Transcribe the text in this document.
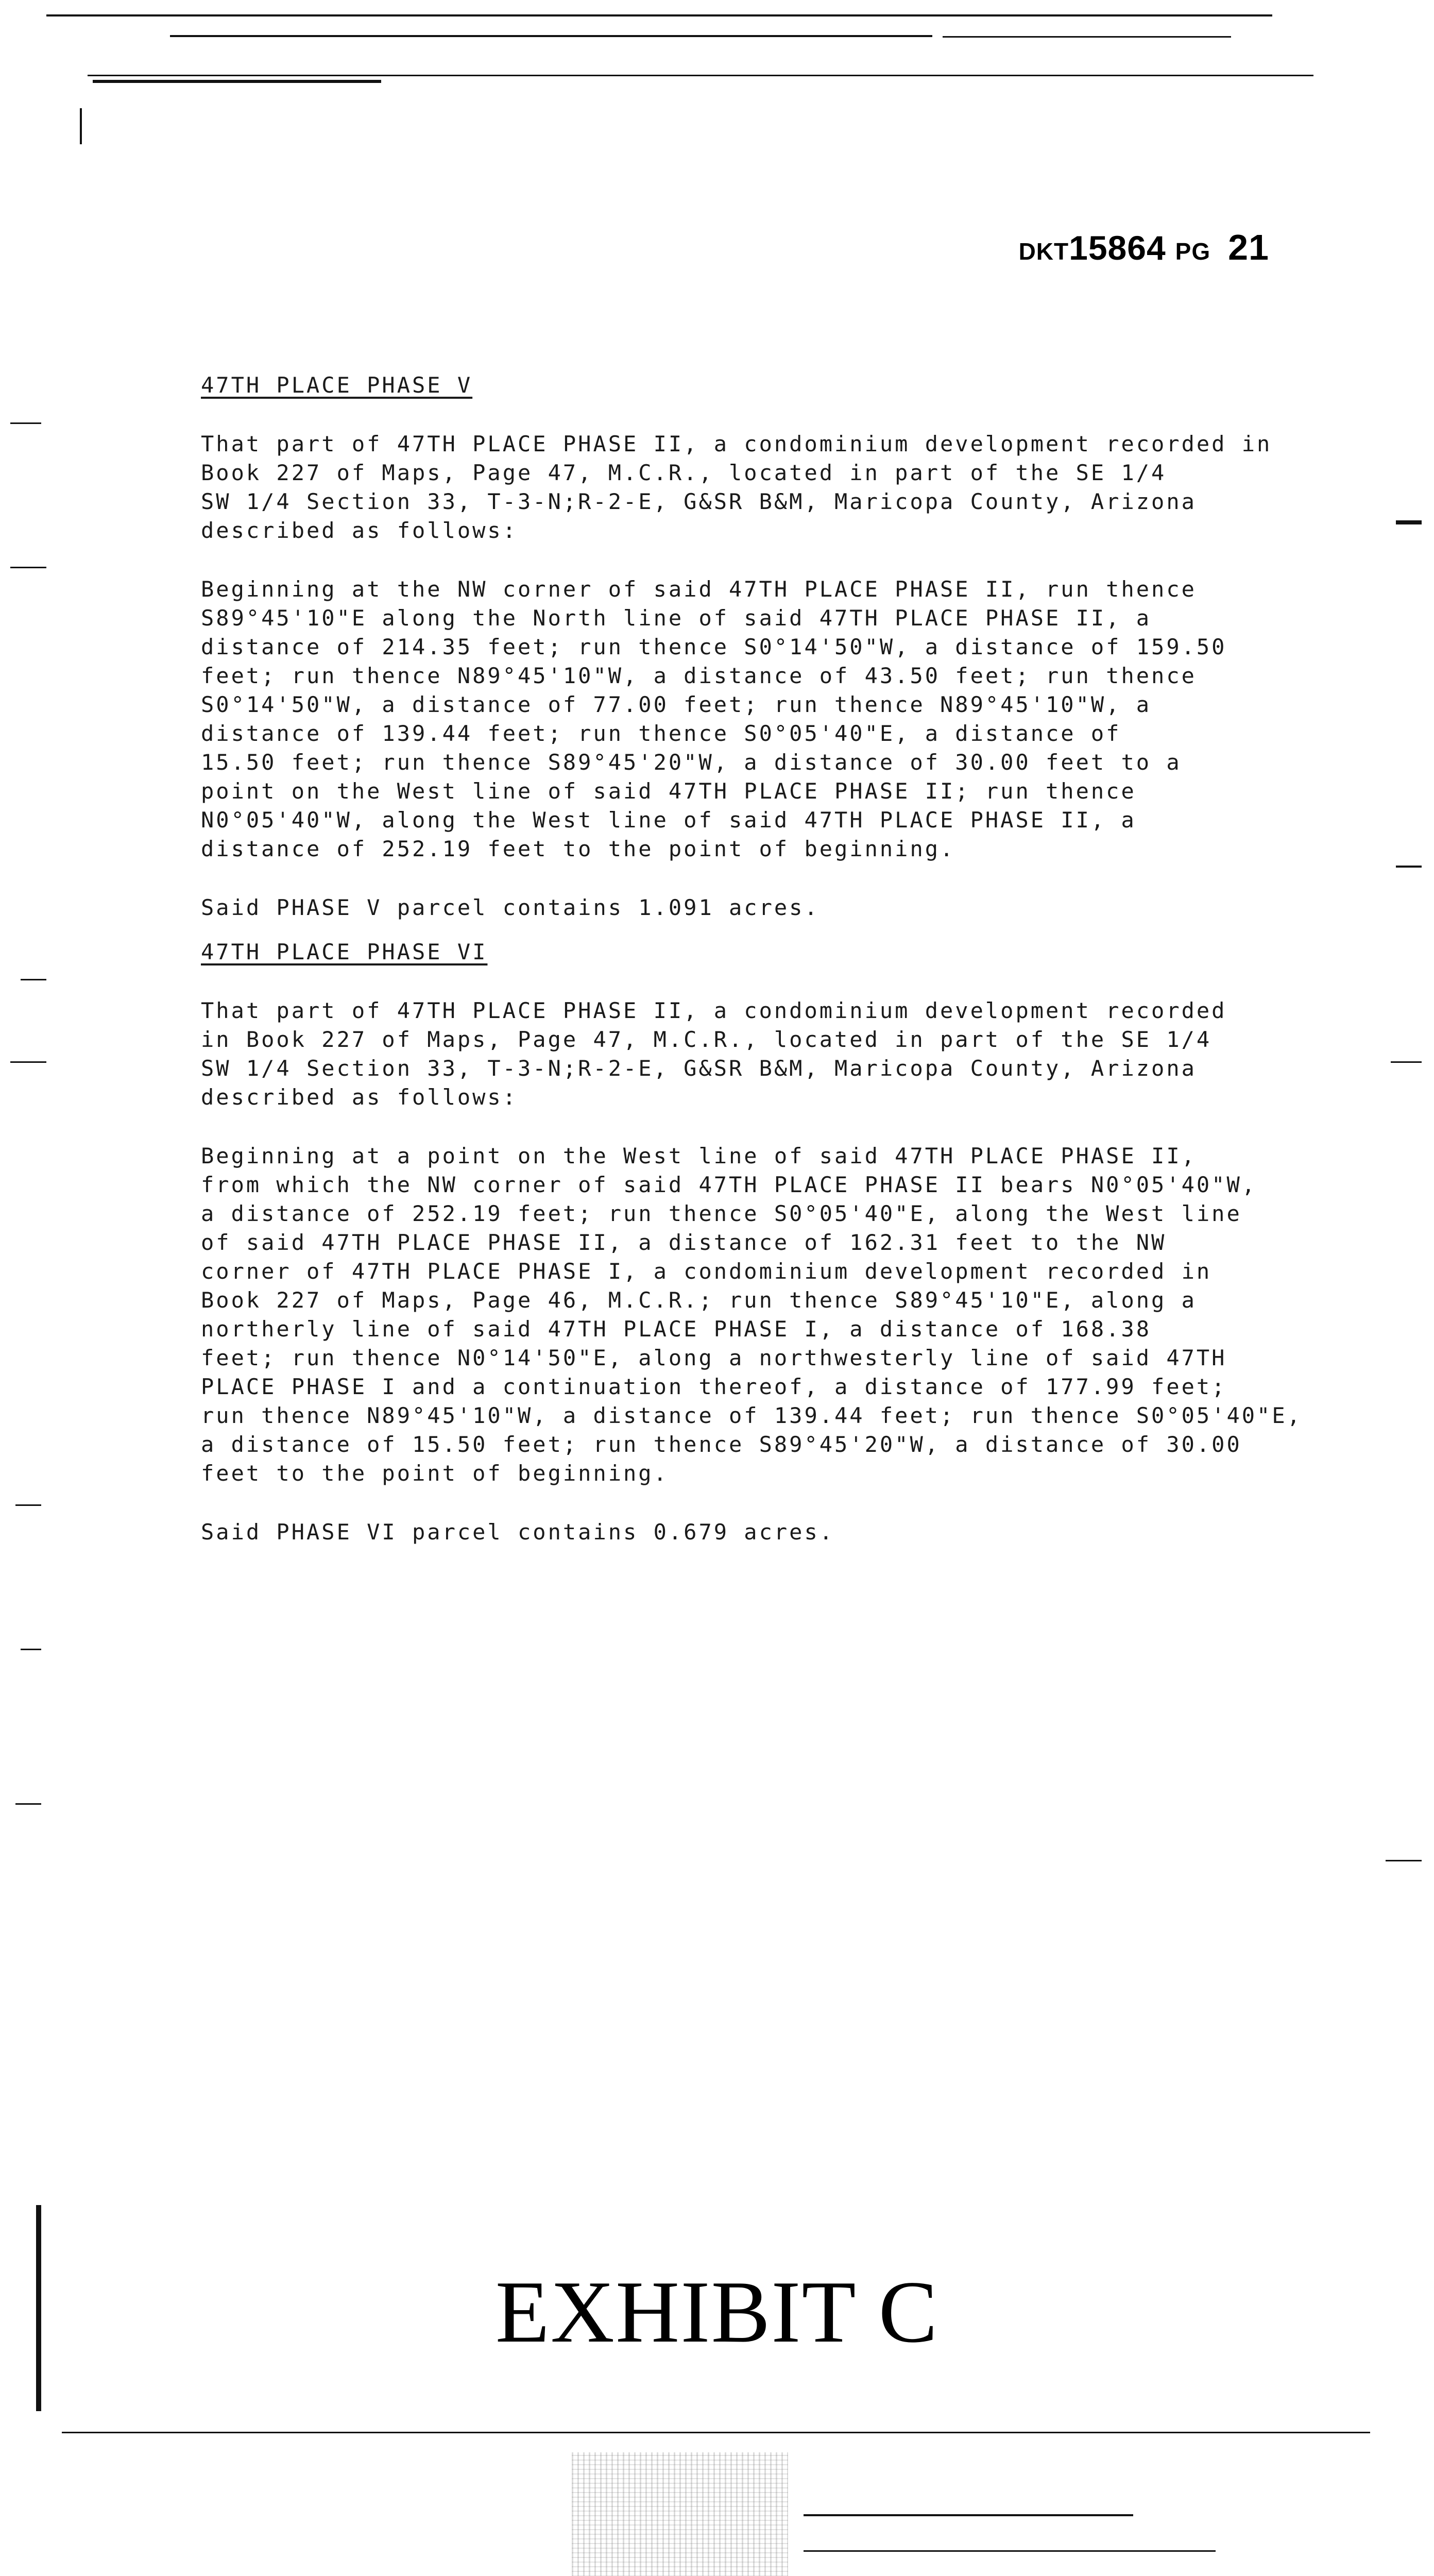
DKT15864 PG 21
47TH PLACE PHASE V

That part of 47TH PLACE PHASE II, a condominium development recorded in
Book 227 of Maps, Page 47, M.C.R., located in part of the SE 1/4
SW 1/4 Section 33, T-3-N;R-2-E, G&SR B&M, Maricopa County, Arizona
described as follows:

Beginning at the NW corner of said 47TH PLACE PHASE II, run thence
S89°45'10"E along the North line of said 47TH PLACE PHASE II, a
distance of 214.35 feet; run thence S0°14'50"W, a distance of 159.50
feet; run thence N89°45'10"W, a distance of 43.50 feet; run thence
S0°14'50"W, a distance of 77.00 feet; run thence N89°45'10"W, a
distance of 139.44 feet; run thence S0°05'40"E, a distance of
15.50 feet; run thence S89°45'20"W, a distance of 30.00 feet to a
point on the West line of said 47TH PLACE PHASE II; run thence
N0°05'40"W, along the West line of said 47TH PLACE PHASE II, a
distance of 252.19 feet to the point of beginning.

Said PHASE V parcel contains 1.091 acres.

47TH PLACE PHASE VI

That part of 47TH PLACE PHASE II, a condominium development recorded
in Book 227 of Maps, Page 47, M.C.R., located in part of the SE 1/4
SW 1/4 Section 33, T-3-N;R-2-E, G&SR B&M, Maricopa County, Arizona
described as follows:

Beginning at a point on the West line of said 47TH PLACE PHASE II,
from which the NW corner of said 47TH PLACE PHASE II bears N0°05'40"W,
a distance of 252.19 feet; run thence S0°05'40"E, along the West line
of said 47TH PLACE PHASE II, a distance of 162.31 feet to the NW
corner of 47TH PLACE PHASE I, a condominium development recorded in
Book 227 of Maps, Page 46, M.C.R.; run thence S89°45'10"E, along a
northerly line of said 47TH PLACE PHASE I, a distance of 168.38
feet; run thence N0°14'50"E, along a northwesterly line of said 47TH
PLACE PHASE I and a continuation thereof, a distance of 177.99 feet;
run thence N89°45'10"W, a distance of 139.44 feet; run thence S0°05'40"E,
a distance of 15.50 feet; run thence S89°45'20"W, a distance of 30.00
feet to the point of beginning.

Said PHASE VI parcel contains 0.679 acres.

EXHIBIT C
